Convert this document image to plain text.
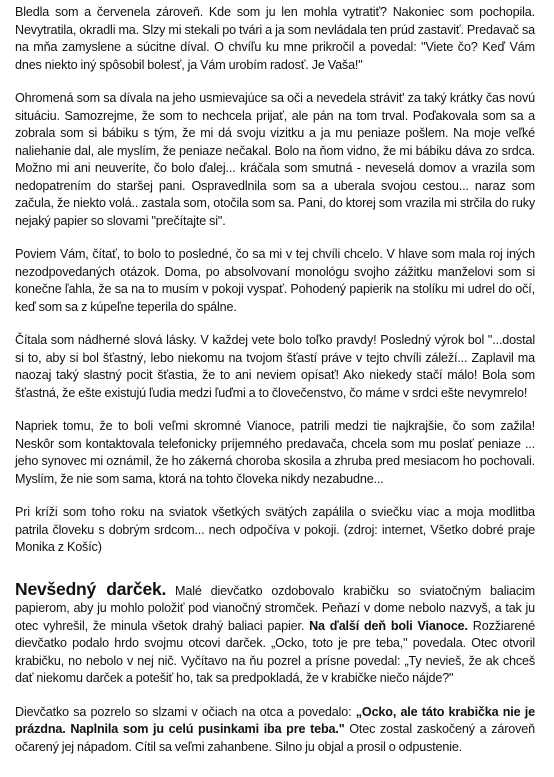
Bledla som a červenela zároveň. Kde som ju len mohla vytratiť? Nakoniec som pochopila. Nevytratila, okradli ma. Slzy mi stekali po tvári a ja som nevládala ten prúd zastaviť. Predavač sa na mňa zamyslene a súcitne díval. O chvíľu ku mne prikročil a povedal: "Viete čo? Keď Vám dnes niekto iný spôsobil bolesť, ja Vám urobím radosť. Je Vaša!"

Ohromená som sa dívala na jeho usmievajúce sa oči a nevedela strávit' za taký krátky čas novú situáciu. Samozrejme, že som to nechcela prijať, ale pán na tom trval. Poďakovala som sa a zobrala som si bábiku s tým, že mi dá svoju vizitku a ja mu peniaze pošlem. Na moje veľké naliehanie dal, ale myslím, že peniaze nečakal. Bolo na ňom vidno, že mi bábiku dáva zo srdca. Možno mi ani neuveríte, čo bolo ďalej... kráčala som smutná - neveselá domov a vrazila som nedopatrením do staršej pani. Ospravedlnila som sa a uberala svojou cestou... naraz som začula, že niekto volá.. zastala som, otočila som sa. Pani, do ktorej som vrazila mi strčila do ruky nejaký papier so slovami "prečítajte si".

Poviem Vám, čítať, to bolo to posledné, čo sa mi v tej chvíli chcelo. V hlave som mala roj iných nezodpovedaných otázok. Doma, po absolvovaní monológu svojho zážitku manželovi som si konečne ľahla, že sa na to musím v pokoji vyspať. Pohodený papierik na stolíku mi udrel do očí, keď som sa z kúpeľne teperila do spálne.

Čítala som nádherné slová lásky. V každej vete bolo toľko pravdy! Posledný výrok bol "...dostal si to, aby si bol šťastný, lebo niekomu na tvojom šťastí práve v tejto chvíli záleží... Zaplavil ma naozaj taký slastný pocit šťastia, že to ani neviem opísať! Ako niekedy stačí málo! Bola som šťastná, že ešte existujú ľudia medzi ľuďmi a to človečenstvo, čo máme v srdci ešte nevymrelo!

Napriek tomu, že to boli veľmi skromné Vianoce, patrili medzi tie najkrajšie, čo som zažila! Neskôr som kontaktovala telefonicky príjemného predavača, chcela som mu poslať peniaze ... jeho synovec mi oznámil, že ho zákerná choroba skosila a zhruba pred mesiacom ho pochovali. Myslím, že nie som sama, ktorá na tohto človeka nikdy nezabudne...

Pri kríži som toho roku na sviatok všetkých svätých zapálila o sviečku viac a moja modlitba patrila človeku s dobrým srdcom... nech odpočíva v pokoji. (zdroj: internet, Všetko dobré praje Monika z Košíc)

Nevšedný darček. Malé dievčatko ozdobovalo krabičku so sviatočným baliacim papierom, aby ju mohlo položiť pod vianočný stromček. Peňazí v dome nebolo nazvyš, a tak ju otec vyhrešil, že minula všetok drahý baliaci papier. Na ďalší deň boli Vianoce. Rozžiarené dievčatko podalo hrdo svojmu otcovi darček. „Ocko, toto je pre teba," povedala. Otec otvoril krabičku, no nebolo v nej nič. Vyčítavo na ňu pozrel a prísne povedal: „Ty nevieš, že ak chceš dať niekomu darček a potešiť ho, tak sa predpokladá, že v krabičke niečo nájde?"

Dievčatko sa pozrelo so slzami v očiach na otca a povedalo: „Ocko, ale táto krabička nie je prázdna. Naplnila som ju celú pusinkami iba pre teba." Otec zostal zaskočený a zároveň očarený jej nápadom. Cítil sa veľmi zahanbene. Silno ju objal a prosil o odpustenie.
